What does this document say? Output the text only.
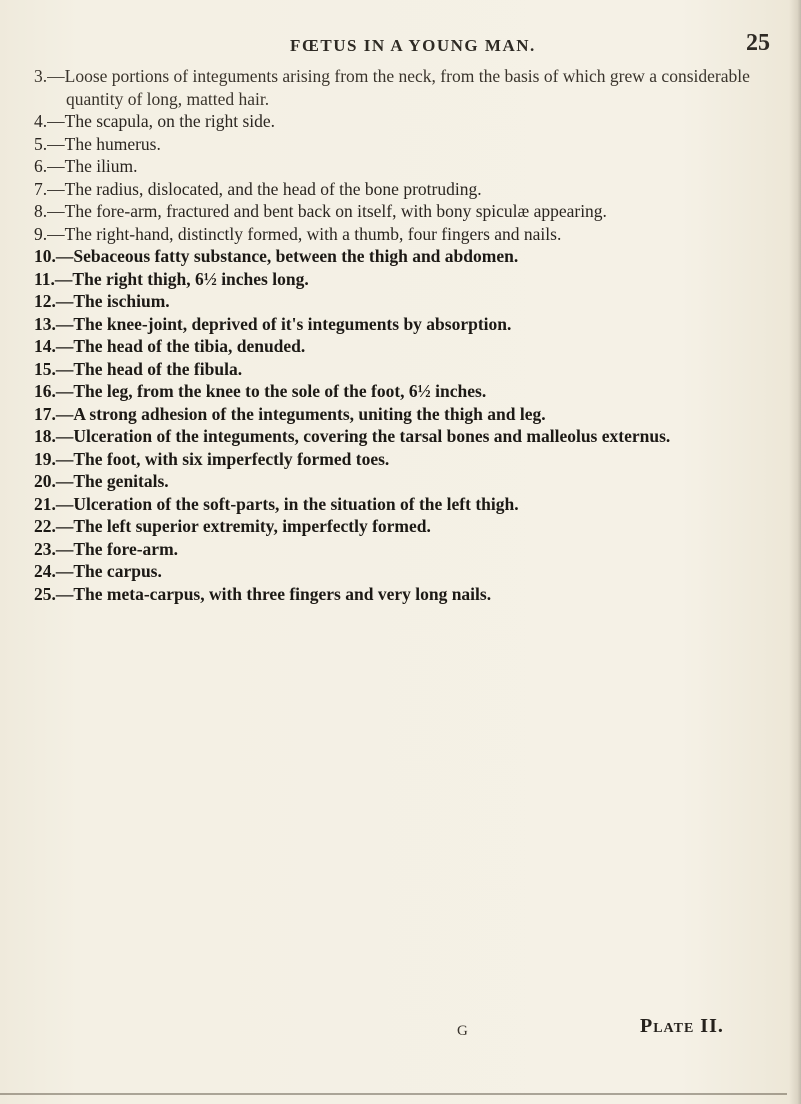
FŒTUS IN A YOUNG MAN.	25

3.—Loose portions of integuments arising from the neck, from the basis of which grew a considerable quantity of long, matted hair.

4.—The scapula, on the right side.

5.—The humerus.

6.—The ilium.

7.—The radius, dislocated, and the head of the bone protruding.

8.—The fore-arm, fractured and bent back on itself, with bony spiculæ appearing.

9.—The right-hand, distinctly formed, with a thumb, four fingers and nails.

10.—Sebaceous fatty substance, between the thigh and abdomen.

11.—The right thigh, 6½ inches long.

12.—The ischium.

13.—The knee-joint, deprived of it's integuments by absorption.

14.—The head of the tibia, denuded.

15.—The head of the fibula.

16.—The leg, from the knee to the sole of the foot, 6½ inches.

17.—A strong adhesion of the integuments, uniting the thigh and leg.

18.—Ulceration of the integuments, covering the tarsal bones and malleolus externus.

19.—The foot, with six imperfectly formed toes.

20.—The genitals.

21.—Ulceration of the soft-parts, in the situation of the left thigh.

22.—The left superior extremity, imperfectly formed.

23.—The fore-arm.

24.—The carpus.

25.—The meta-carpus, with three fingers and very long nails.

G	Plate II.
